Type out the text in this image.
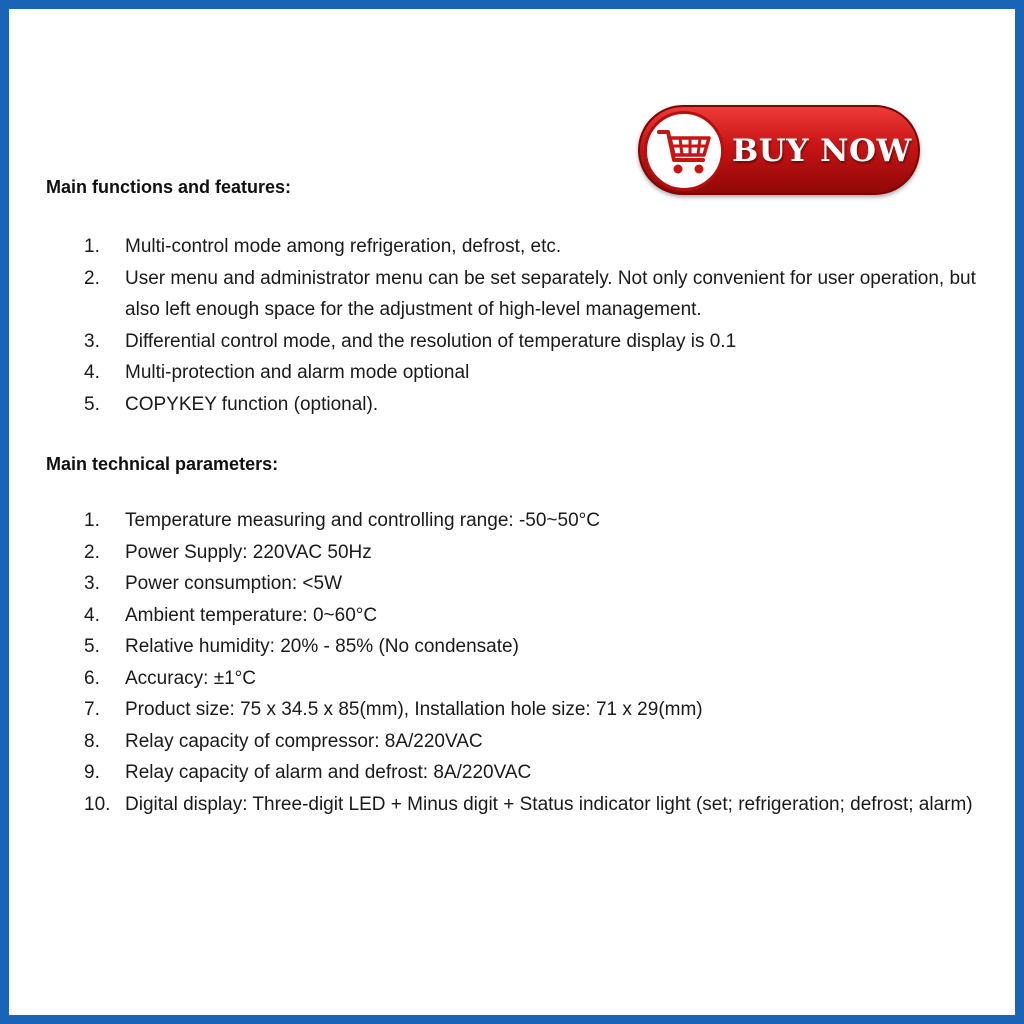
BUY NOW
Main functions and features:
1.	Multi-control mode among refrigeration, defrost, etc.
2.	User menu and administrator menu can be set separately. Not only convenient for user operation, but also left enough space for the adjustment of high-level management.
3.	Differential control mode, and the resolution of temperature display is 0.1
4.	Multi-protection and alarm mode optional
5.	COPYKEY function (optional).
Main technical parameters:
1.	Temperature measuring and controlling range: -50~50°C
2.	Power Supply: 220VAC 50Hz
3.	Power consumption: <5W
4.	Ambient temperature: 0~60°C
5.	Relative humidity: 20% - 85% (No condensate)
6.	Accuracy: ±1°C
7.	Product size: 75 x 34.5 x 85(mm), Installation hole size: 71 x 29(mm)
8.	Relay capacity of compressor: 8A/220VAC
9.	Relay capacity of alarm and defrost: 8A/220VAC
10. Digital display: Three-digit LED + Minus digit + Status indicator light (set; refrigeration; defrost; alarm)
